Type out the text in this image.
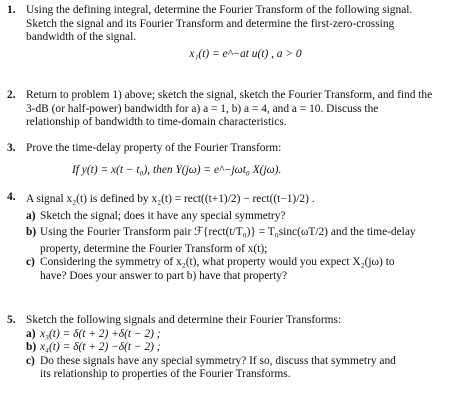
1. Using the defining integral, determine the Fourier Transform of the following signal.
Sketch the signal and its Fourier Transform and determine the first-zero-crossing
bandwidth of the signal.
x₁(t) = e^−at u(t) , a > 0
2. Return to problem 1) above; sketch the signal, sketch the Fourier Transform, and find the
3-dB (or half-power) bandwidth for a) a = 1, b) a = 4, and a = 10. Discuss the
relationship of bandwidth to time-domain characteristics.
3. Prove the time-delay property of the Fourier Transform:
If y(t) = x(t − t₀), then Y(jω) = e^−jωt₀ X(jω).
4. A signal x₂(t) is defined by x₂(t) = rect((t+1)/2) − rect((t−1)/2) .
a) Sketch the signal; does it have any special symmetry?
b) Using the Fourier Transform pair ℱ{rect(t/T₀)} = T₀sinc(ωT/2) and the time-delay
property, determine the Fourier Transform of x(t);
c) Considering the symmetry of x₂(t), what property would you expect X₂(jω) to
have? Does your answer to part b) have that property?
5. Sketch the following signals and determine their Fourier Transforms:
a) x₃(t) = δ(t + 2) +δ(t − 2) ;
b) x₄(t) = δ(t + 2) −δ(t − 2) ;
c) Do these signals have any special symmetry? If so, discuss that symmetry and
its relationship to properties of the Fourier Transforms.
